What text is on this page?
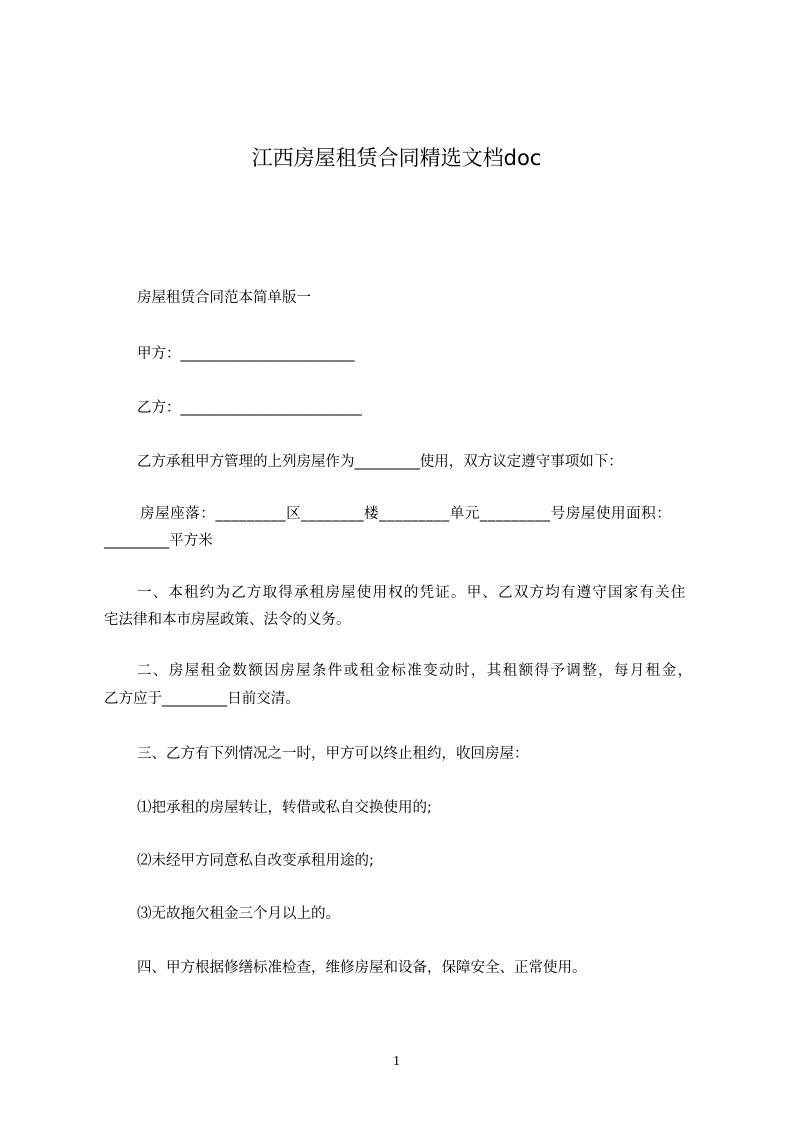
江西房屋租赁合同精选文档doc
房屋租赁合同范本简单版一
甲方：________________________
乙方：_________________________
乙方承租甲方管理的上列房屋作为_________使用，双方议定遵守事项如下：
房屋座落：_________区________楼_________单元_________号房屋使用面积：
_________平方米
一、本租约为乙方取得承租房屋使用权的凭证。甲、乙双方均有遵守国家有关住
宅法律和本市房屋政策、法令的义务。
二、房屋租金数额因房屋条件或租金标准变动时，其租额得予调整，每月租金，
乙方应于_________日前交清。
三、乙方有下列情况之一时，甲方可以终止租约，收回房屋：
⑴把承租的房屋转让，转借或私自交换使用的;
⑵未经甲方同意私自改变承租用途的;
⑶无故拖欠租金三个月以上的。
四、甲方根据修缮标准检查，维修房屋和设备，保障安全、正常使用。
1
